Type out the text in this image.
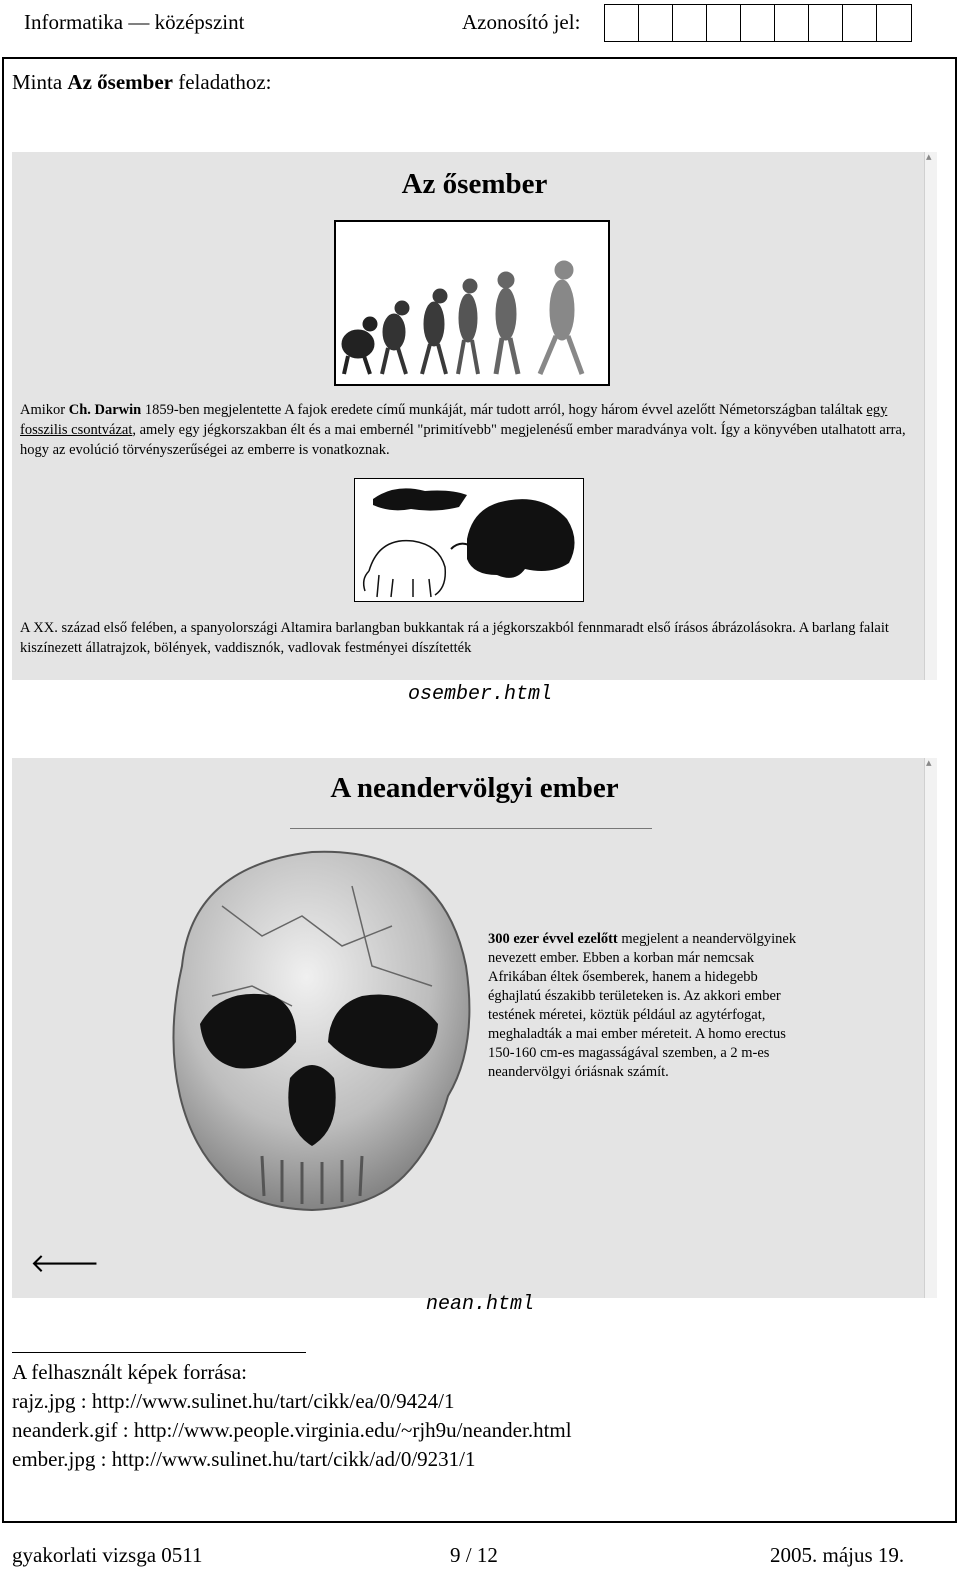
Informatika — középszint	Azonosító jel:
Minta Az ősember feladathoz:
▴
Az ősember
Amikor Ch. Darwin 1859-ben megjelentette A fajok eredete című munkáját, már tudott arról, hogy három évvel azelőtt Németországban találtak egy fosszilis csontvázat, amely egy jégkorszakban élt és a mai embernél "primitívebb" megjelenésű ember maradványa volt. Így a könyvében utalhatott arra, hogy az evolúció törvényszerűségei az emberre is vonatkoznak.
A XX. század első felében, a spanyolországi Altamira barlangban bukkantak rá a jégkorszakból fennmaradt első írásos ábrázolásokra. A barlang falait kiszínezett állatrajzok, bölények, vaddisznók, vadlovak festményei díszítették
osember.html
▴
A neandervölgyi ember
300 ezer évvel ezelőtt megjelent a neandervölgyinek nevezett ember. Ebben a korban már nemcsak Afrikában éltek ősemberek, hanem a hidegebb éghajlatú északibb területeken is. Az akkori ember testének méretei, köztük például az agytérfogat, meghaladták a mai ember méreteit. A homo erectus 150-160 cm-es magasságával szemben, a 2 m-es neandervölgyi óriásnak számít.
🡐
nean.html
A felhasznált képek forrása:
rajz.jpg : http://www.sulinet.hu/tart/cikk/ea/0/9424/1
neanderk.gif : http://www.people.virginia.edu/~rjh9u/neander.html
ember.jpg : http://www.sulinet.hu/tart/cikk/ad/0/9231/1
gyakorlati vizsga 0511	9 / 12	2005. május 19.
